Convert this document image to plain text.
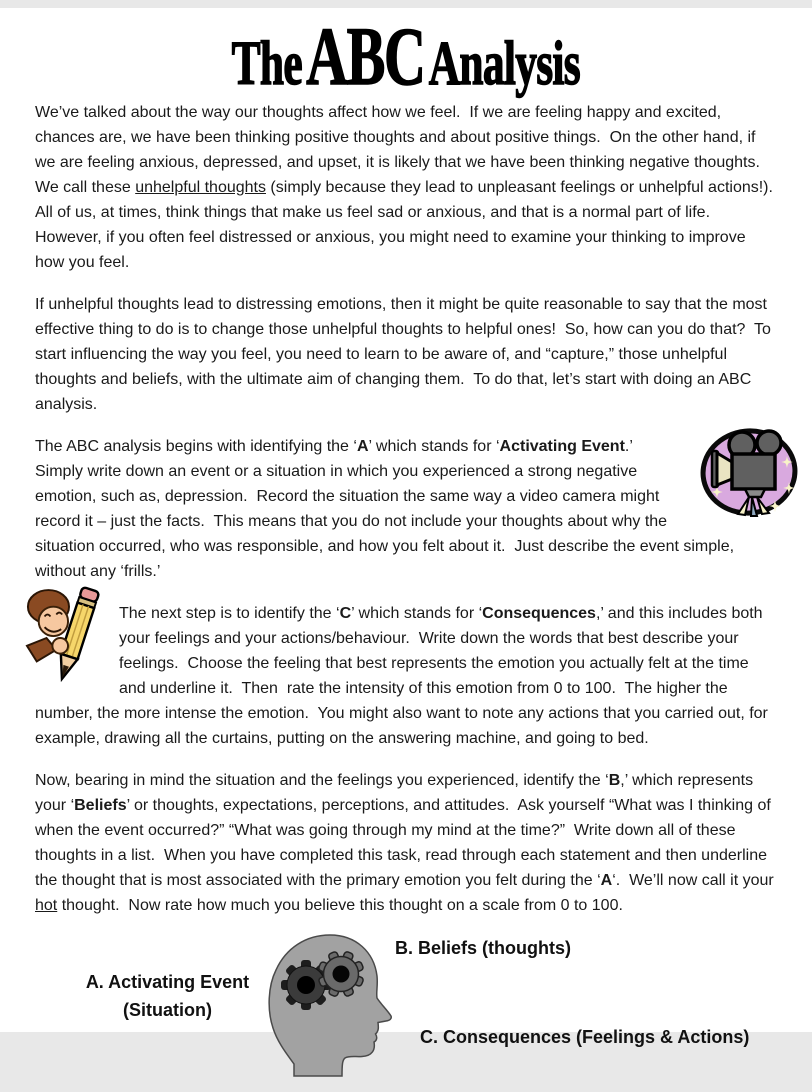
TheABCAnalysis

We’ve talked about the way our thoughts affect how we feel.  If we are feeling happy and excited, chances are, we have been thinking positive thoughts and about positive things.  On the other hand, if we are feeling anxious, depressed, and upset, it is likely that we have been thinking negative thoughts.  We call these unhelpful thoughts (simply because they lead to unpleasant feelings or unhelpful actions!).  All of us, at times, think things that make us feel sad or anxious, and that is a normal part of life.  However, if you often feel distressed or anxious, you might need to examine your thinking to improve how you feel.

If unhelpful thoughts lead to distressing emotions, then it might be quite reasonable to say that the most effective thing to do is to change those unhelpful thoughts to helpful ones!  So, how can you do that?  To start influencing the way you feel, you need to learn to be aware of, and “capture,” those unhelpful thoughts and beliefs, with the ultimate aim of changing them.  To do that, let’s start with doing an ABC analysis.

The ABC analysis begins with identifying the ‘A’ which stands for ‘Activating Event.’  Simply write down an event or a situation in which you experienced a strong negative emotion, such as, depression.  Record the situation the same way a video camera might record it – just the facts.  This means that you do not include your thoughts about why the situation occurred, who was responsible, and how you felt about it.  Just describe the event simple, without any ‘frills.’

The next step is to identify the ‘C’ which stands for ‘Consequences,’ and this includes both your feelings and your actions/behaviour.  Write down the words that best describe your feelings.  Choose the feeling that best represents the emotion you actually felt at the time and underline it.  Then  rate the intensity of this emotion from 0 to 100.  The higher the number, the more intense the emotion.  You might also want to note any actions that you carried out, for example, drawing all the curtains, putting on the answering machine, and going to bed.

Now, bearing in mind the situation and the feelings you experienced, identify the ‘B,’ which represents your ‘Beliefs’ or thoughts, expectations, perceptions, and attitudes.  Ask yourself “What was I thinking of when the event occurred?” “What was going through my mind at the time?”  Write down all of these thoughts in a list.  When you have completed this task, read through each statement and then underline the thought that is most associated with the primary emotion you felt during the ‘A‘.  We’ll now call it your hot thought.  Now rate how much you believe this thought on a scale from 0 to 100.

A. Activating Event
(Situation)
B. Beliefs (thoughts)
C. Consequences (Feelings & Actions)
